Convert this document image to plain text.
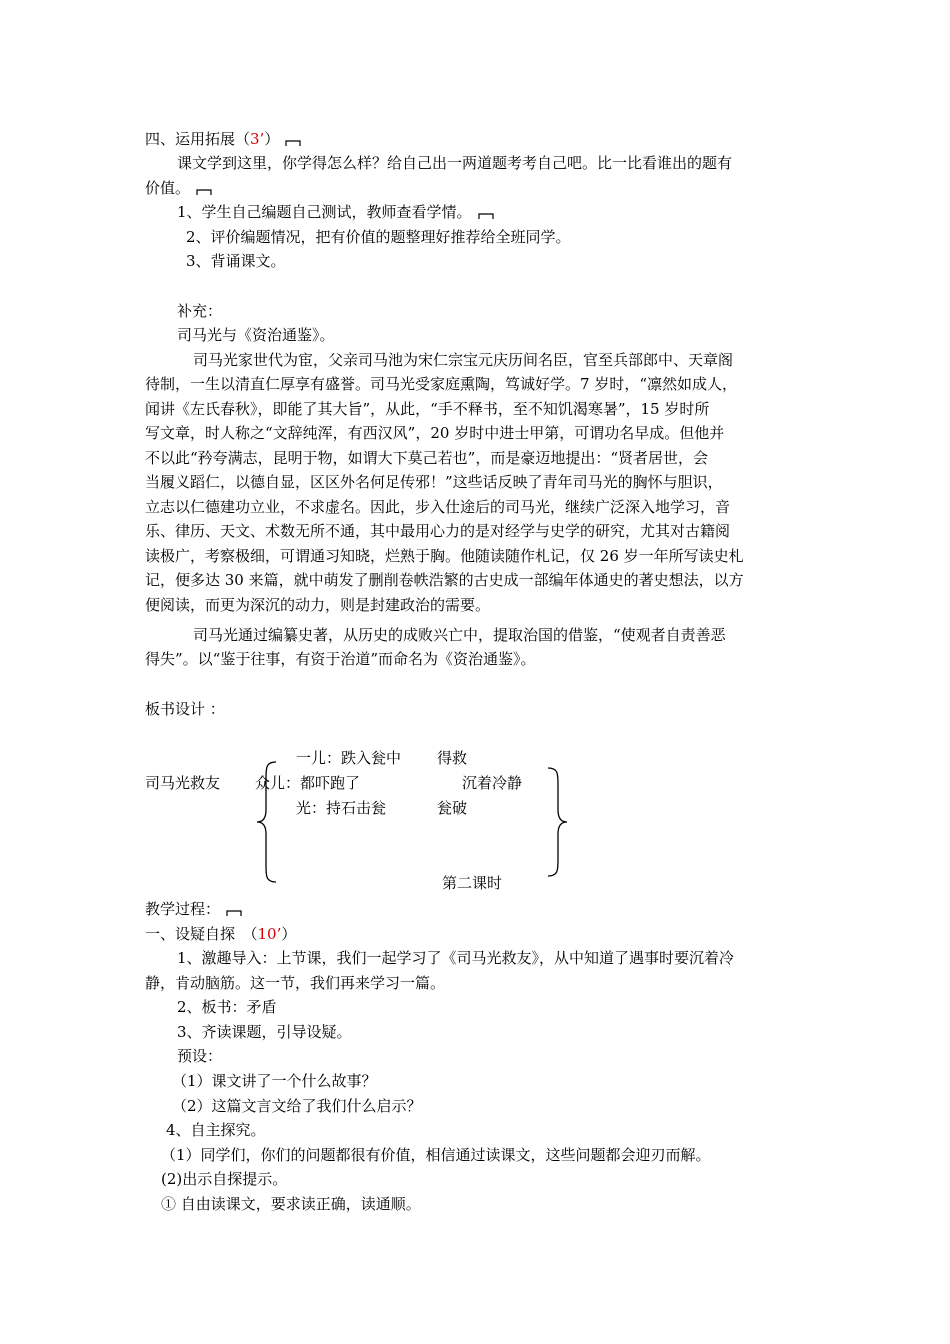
四、运用拓展（3’）
课文学到这里，你学得怎么样？给自己出一两道题考考自己吧。比一比看谁出的题有
价值。
1、学生自己编题自己测试，教师查看学情。
2、评价编题情况，把有价值的题整理好推荐给全班同学。
3、背诵课文。
补充：
司马光与《资治通鉴》。
司马光家世代为宦，父亲司马池为宋仁宗宝元庆历间名臣，官至兵部郎中、天章阁
待制，一生以清直仁厚享有盛誉。司马光受家庭熏陶，笃诚好学。7 岁时，“凛然如成人，
闻讲《左氏春秋》，即能了其大旨”，从此，“手不释书，至不知饥渴寒暑”，15 岁时所
写文章，时人称之“文辞纯浑，有西汉风”，20 岁时中进士甲第，可谓功名早成。但他并
不以此“矜夸满志，昆明于物，如谓大下莫己若也”，而是豪迈地提出：“贤者居世，会
当履义蹈仁，以德自显，区区外名何足传邪！”这些话反映了青年司马光的胸怀与胆识，
立志以仁德建功立业，不求虚名。因此，步入仕途后的司马光，继续广泛深入地学习，音
乐、律历、天文、术数无所不通，其中最用心力的是对经学与史学的研究，尤其对古籍阅
读极广，考察极细，可谓通习知晓，烂熟于胸。他随读随作札记，仅 26 岁一年所写读史札
记，便多达 30 来篇，就中萌发了删削卷帙浩繁的古史成一部编年体通史的著史想法，以方
便阅读，而更为深沉的动力，则是封建政治的需要。
司马光通过编纂史著，从历史的成败兴亡中，提取治国的借鉴，“使观者自责善恶
得失”。以“鉴于往事，有资于治道”而命名为《资治通鉴》。
板书设计 ：
一儿：跌入瓮中 得救
司马光救友 众儿：都吓跑了	沉着冷静
光：持石击瓮	瓮破
第二课时
教学过程：
一、设疑自探　（10’）
1、激趣导入：上节课，我们一起学习了《司马光救友》，从中知道了遇事时要沉着冷
静，肯动脑筋。这一节，我们再来学习一篇。
2、板书：矛盾
3、齐读课题，引导设疑。
预设：
（1）课文讲了一个什么故事？
（2）这篇文言文给了我们什么启示？
4、自主探究。
（1）同学们，你们的问题都很有价值，相信通过读课文，这些问题都会迎刃而解。
(2)出示自探提示。
① 自由读课文，要求读正确，读通顺。
